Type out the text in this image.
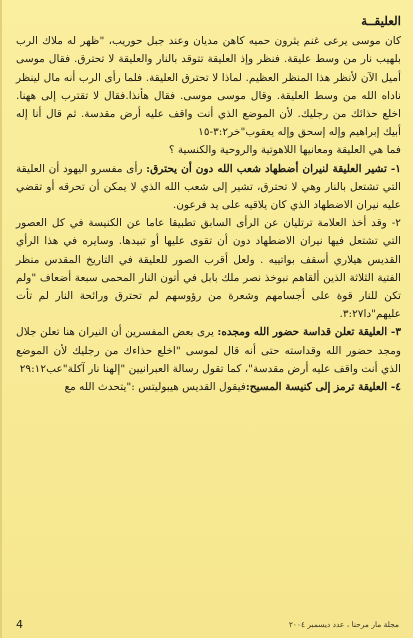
العليقــة

كان موسى يرعى غنم يثرون حميه كاهن مديان وعند جبل حوريب، "ظهر له ملاك الرب بلهيب نار من وسط عليقة. فنظر وإذ العليقة تتوقد بالنار والعليقة لا تحترق. فقال موسى أميل الآن لأنظر هذا المنظر العظيم. لماذا لا تحترق العليقة. فلما رأى الرب أنه مال لينظر ناداه الله من وسط العليقة. وقال موسى موسى. فقال هأنذا.فقال لا تقترب إلى ههنا. اخلع حذائك من رجليك. لأن الموضع الذي أنت واقف عليه أرض مقدسة. ثم قال أنا إله أبيك إبراهيم وإله إسحق وإله يعقوب"خر٣:٢-١٥

فما هي العليقة ومعانيها اللاهوتية والروحية والكنسية ؟

١- تشير العليقة لنيران أضطهاد شعب الله دون أن يحترق: رأى مفسرو اليهود أن العليقة التي تشتعل بالنار وهي لا تحترق، تشير إلى شعب الله الذي لا يمكن أن تحرقه أو تقضي عليه نيران الاضطهاد الذي كان يلاقيه على يد فرعون.

٢- وقد أخذ العلامة ترتليان عن الرأى السابق تطبيقا عاما عن الكنيسة في كل العصور التي تشتعل فيها نيران الاضطهاد دون أن تقوى عليها أو تبيدها. وسايره في هذا الرأي القديس هيلاري أسقف بواتييه . ولعل أقرب الصور للعليقة في التاريخ المقدس منظر الفتية الثلاثة الذين ألقاهم نبوخذ نصر ملك بابل في أتون النار المحمى سبعة أضعاف "ولم تكن للنار قوة على أجسامهم وشعرة من رؤوسهم لم تحترق ورائحة النار لم تأت عليهم"دا٣:٢٧.

٣- العليقة تعلن قداسة حضور الله ومجده: يرى بعض المفسرين أن النيران هنا تعلن جلال ومجد حضور الله وقداسته حتى أنه قال لموسى "اخلع حذاءك من رجليك لأن الموضع الذي أنت واقف عليه أرض مقدسة"، كما تقول رسالة العبرانيين "إلهنا نار آكلة"عب٢٩:١٢

٤- العليقة ترمز إلى كنيسة المسيح:فيقول القديس هيبوليتس :"يتحدث الله مع

4	مجلة مار مرحنا ، عدد ديسمبر ٢٠٠٤
